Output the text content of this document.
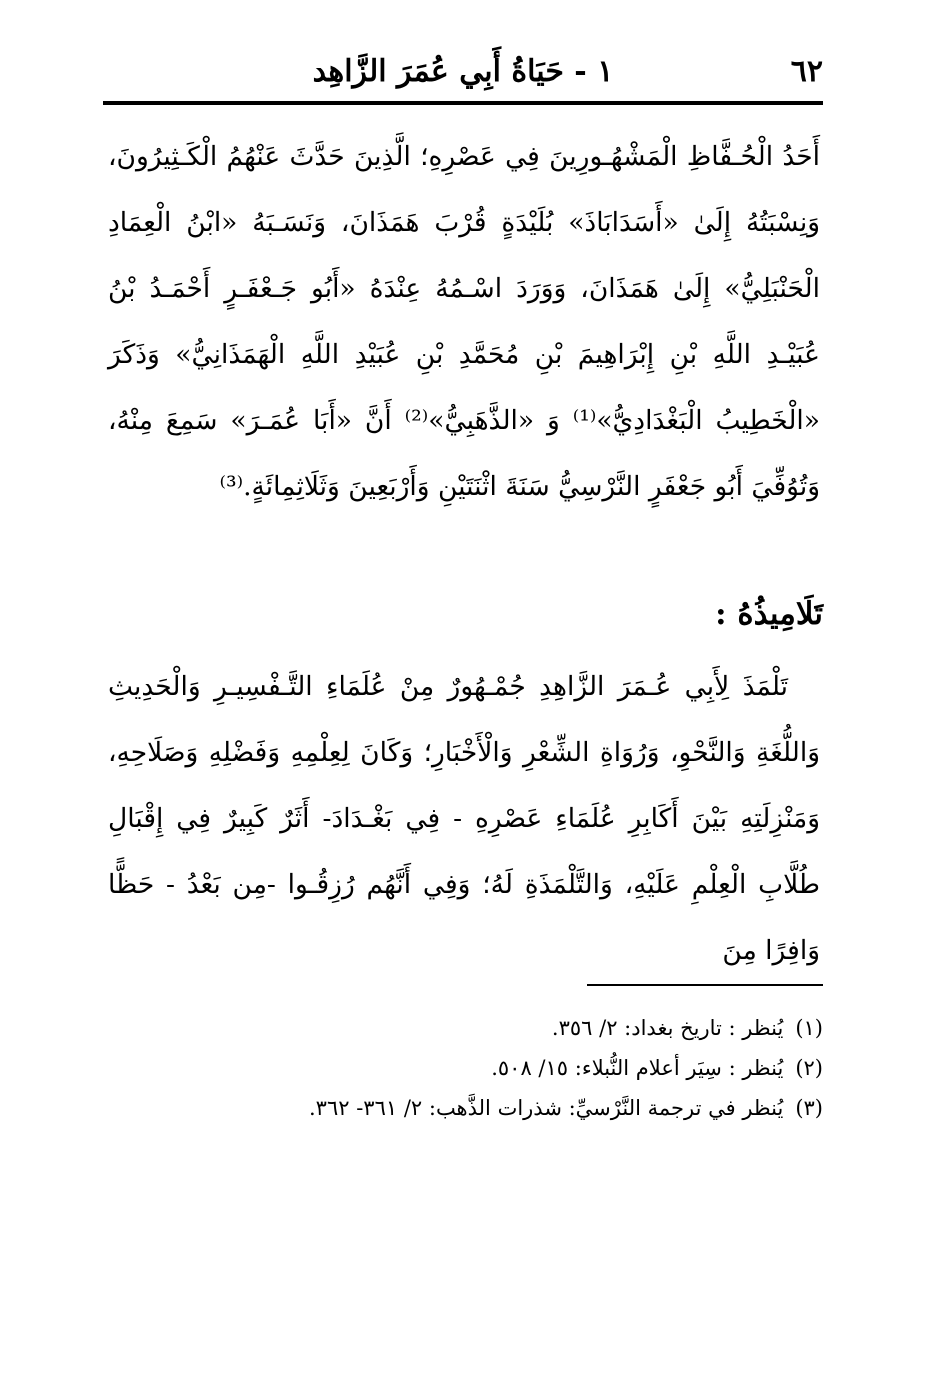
٦٢
١ - حَيَاةُ أَبِي عُمَرَ الزَّاهِد

أَحَدُ الْحُـفَّاظِ الْمَشْهُـورِينَ فِي عَصْرِهِ؛ الَّذِينَ حَدَّثَ عَنْهُمُ الْكَـثِيرُونَ، وَنِسْبَتُهُ إِلَىٰ «أَسَدَابَاذَ» بُلَيْدَةٍ قُرْبَ هَمَذَانَ، وَنَسَـبَهُ «ابْنُ الْعِمَادِ الْحَنْبَلِيُّ» إِلَىٰ هَمَذَانَ، وَوَرَدَ اسْـمُهُ عِنْدَهُ «أَبُو جَـعْفَـرٍ أَحْمَـدُ بْنُ عُبَيْـدِ اللَّهِ بْنِ إِبْرَاهِيمَ بْنِ مُحَمَّدِ بْنِ عُبَيْدِ اللَّهِ الْهَمَذَانِيُّ» وَذَكَرَ «الْخَطِيبُ الْبَغْدَادِيُّ»⁽¹⁾ وَ «الذَّهَبِيُّ»⁽²⁾ أَنَّ «أَبَا عُمَـرَ» سَمِعَ مِنْهُ، وَتُوُفِّيَ أَبُو جَعْفَرٍ النَّرْسِيُّ سَنَةَ اثْنَتَيْنِ وَأَرْبَعِينَ وَثَلَاثِمِائَةٍ.⁽³⁾

تَلَامِيذُهُ :

تَلْمَذَ لِأَبِي عُـمَرَ الزَّاهِدِ جُمْـهُورٌ مِنْ عُلَمَاءِ التَّـفْسِيـرِ وَالْحَدِيثِ وَاللُّغَةِ وَالنَّحْوِ، وَرُوَاةِ الشِّعْرِ وَالْأَخْبَارِ؛ وَكَانَ لِعِلْمِهِ وَفَضْلِهِ وَصَلَاحِهِ، وَمَنْزِلَتِهِ بَيْنَ أَكَابِرِ عُلَمَاءِ عَصْرِهِ - فِي بَغْـدَادَ- أَثَرٌ كَبِيرٌ فِي إِقْبَالِ طُلَّابِ الْعِلْمِ عَلَيْهِ، وَالتَّلْمَذَةِ لَهُ؛ وَفِي أَنَّهُم رُزِقُـوا -مِن بَعْدُ - حَظًّا وَافِرًا مِنَ

(١)يُنظر : تاريخ بغداد: ٢/ ٣٥٦.
(٢)يُنظر : سِيَر أعلام النُّبلاء: ١٥/ ٥٠٨.
(٣)يُنظر في ترجمة النَّرْسيِّ: شذرات الذَّهب: ٢/ ٣٦١- ٣٦٢.
